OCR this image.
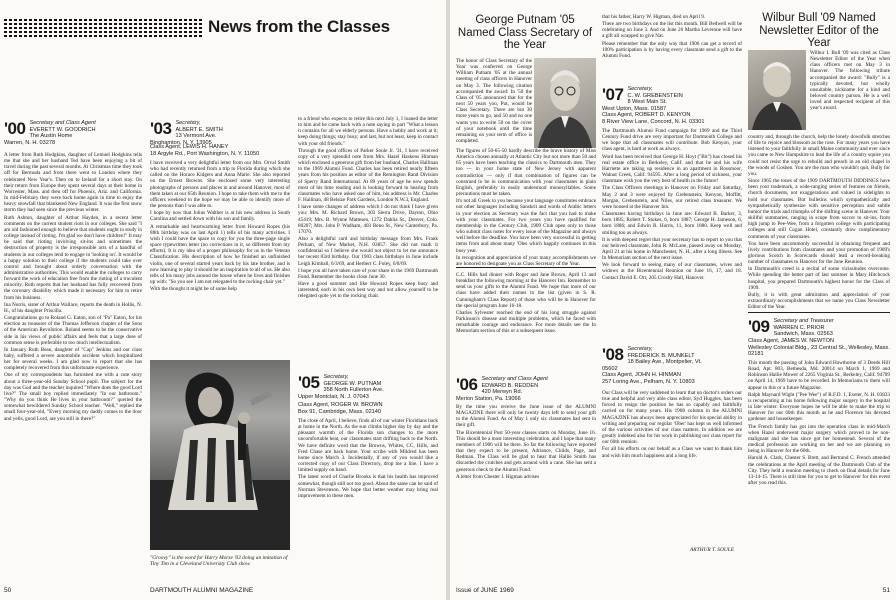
News from the Classes
'00 Secretary and Class Agent
EVERETT W. GOODRICH
The Austin Home
Warren, N. H. 03278

A letter from Ruth Hodgkins, daughter of Lemuel Hodgkins tells me that she and her husband Ted have been enjoying a bit of travel during the past several months. At Christmas time they took off for Bermuda and from there went to London where they celebrated New Year's. Then on to Ireland for a short stay. On their return from Europe they spent several days at their home in Worcester, Mass. and then off for Phoenix, Ariz. and California. In mid-February they were back home again in time to enjoy the heavy snowfall that blanketed New England. It was the first snow storm they had seen since the previous winter.

Ruth Ashton, daughter of Arthur Hayden, in a recent letter comments on the current student riots in our colleges. She said "I am old fashioned enough to believe that students ought to study in college instead of rioting. I'm glad we don't have children!" It may be said that rioting involving sit-ins and sometimes the destruction of property is the irresponsible acts of a handful of students in our colleges tend to engage in 'looking on'. It would be a happy solution to their college if the students could take over control and brought about orderly conversation with the administrative authorities. This would enable the colleges to carry forward the work of education free from the rioting of a truculent minority. Ruth reports that her husband has fully recovered from the coronary disability which made it necessary for him to retire from his business.

Ina Norris, sister of Arthur Wallace, reports the death in Hollis, N. H., of his daughter Priscilla.

Congratulations go to Roland G. Eaton, son of "Pa" Eaton, for his election as treasurer of the Thomas Jefferson chapter of the Sons of the American Revolution. Roland seems to be the conservative side in his views of public affairs and feels that a large dose of common sense is preferable to too much intellectualism.

In January Ruth Bean, daughter of "Cap" Jenkins and our class baby, suffered a severe automobile accident which hospitalized her for several weeks. I am glad now to report that she has completely recovered from this unfortunate experience.

One of my correspondents has furnished me with a cute story about a three-year-old Sunday School pupil. The subject for the day was God and the teacher inquired "Where does the good Lord live?" The small boy replied immediately "In our bathroom." "Why do you think He lives in your bathroom?" queried the somewhat bewildered Sunday School teacher. "Well," replied the small four-year-old, "Every morning my daddy comes to the door and yells, good Lord, are you still in there?"

'03 Secretary,
ALBERT E. SMITH
13 Vermont Ave.
Binghamton, N. Y. 13905
Class Agent, LEWIS H. HANEY
18 Argyle Rd., Port Washington, N. Y. 11050

I have received a very delightful letter from our Mrs. Orval Smith who had recently returned from a trip to Florida during which she called on the Horace Kidgers and Anna Marie. She also reported on the Ernest Browns. She enclosed some very interesting photographs of persons and places in and around Hanover, most of them taken at our 65th Reunion. I hope to take them with me to the officers weekend in the hope we may be able to identify more of the persons than I was able to.

I hope by now that Julius Walther is at his new address in South Carolina and settled down with his son and family.

A remarkable and heartwarming letter from Howard Ropes (his 88th birthday was on last April 1) tells of his many activities. I wish I could have the space to copy for you the three-page single space typewritten letter (no corrections in it, so different from my efforts). It is my idea of a proper philosophy for us in the Veteran Classification. His description of how he finished an unfinished violin, one of several started years back by his late brother, and is now learning to play it should be an inspiration to all of us. He also tells of his many jobs around the house where he lives and finishes up with: "So you see I am not relegated to the rocking chair yet."

With the thought it might be of some help

"Groovy" is the word for Harry Morse '03 doing an imitation of Tiny Tim in a Cleveland University Club show.

to a friend who expects to retire this next July 1, I loaned the letter to him and he came back with a note saying in part "What a lesson it contains for all we elderly persons. Have a hobby and work at it; keep doing things; stay busy; and last, but not least, keep in contact with your old friends."

Through the good offices of Parker Soule Jr. '31, I have received copy of a very splendid note from Mrs. Hazel Haskens Hinman which enclosed a generous gift from her husband, Charles Hallinan to the 1969 Alumni Fund. Charles has been retired nearly fifteen years from his position as editor of the Remington Rand Division of Sperry Rand International. At 89 years of age he now spends most of his time reading and is looking forward to hearing from classmates who have asked one of him, his address is Mr. Charles F. Hallinan, 48 Belsize Park Gardens, London N.W.3, England.

I have some changes of address which I do not think I have given you: Mrs. M. Richard Brown, 303 Sierra Drive, Dayton, Ohio 45419; Mrs. B. Wynne Mattesen, 1272 Dahlia St., Denver, Colo. 80207; Mrs. John P. Wadham, 403 Reno St., New Canterbury, Pa. 17070.

Also a delightful card and birthday message from Mrs. Frank Perham, of New Market, N.H. 03857. She did not mark it confidential so I believe she would not object to let me announce her recent 83rd birthday. Our 1903 class birthdays in June include Leigh Kimball, 6/3/69, and Herbert C. Foley, 6/8/69.

I hope you all have taken care of your share in the 1969 Dartmouth Fund. Remember the books close June 30.

Have a good summer and like Howard Ropes keep busy and interested, each in his own best way and not allow yourself to be relegated quite yet to the rocking chair.

'05 Secretary,
GEORGE W. PUTNAM
358 North Fullerton Ave.
Upper Montclair, N. J. 07043
Class Agent, ROGER W. BROWN
Box 91, Cambridge, Mass. 02140

The close of April, I believe, finds all of our winter Floridians back at home in the North. As the sun climbs higher day by day and the pleasant warmth of the Florida sun changes to the more uncomfortable heat, our classmates start drifting back to the North. We have definite word that the Browns, Whites, CC, Hills, and Fred Chase are back home. Your scribe with Mildred has been home since March 3. Incidentally, if any of you would like a corrected copy of our Class Directory, drop me a line. I have a limited supply on hand.

The latest word of Charlie Brooks is that his health has improved somewhat, though still not too good. About the same can be said of Norman Stevenson. We hope that better weather may bring real improvement to these men.

50	DARTMOUTH ALUMNI MAGAZINE
George Putnam '05 Named Class Secretary of the Year

The honor of Class Secretary of the Year was conferred on George William Putnam '05 at the annual meeting of class officers in Hanover on May 3. The following citation accompanied the award: In '50 the Class of '05 announced that for the next 50 years you, Put, would be Class Secretary. There are but 30 more years to go, and 50 and no one wants you to write 50 on the cover of your notebook until the time remaining on your term of office is completed.

The figures of 50-65-50 hardly describe the brave history of Miss America chosen annually at Atlantic City but not more than 50 and 65 years have been teaching the classics to Dartmouth men. They too — in your home state of New Jersey with apparent contradiction — only if that combination of figures can be construed to be in communication with your classmates in plain English, preferably in easily understood monosyllables. Some precautions must be taken.

It's not all Greek to you because your language constitutes embrace not other languages including Sanskrit and words of Arabic letters in your election as Secretary was the fact that you had to make with your classmates. For two years you have qualified for membership in the Century Club, 1909 Club open only to those who submit class notes for every issue of the Magazine and always well before the deadline. You have been very successful in getting items from and about many 'Oles which happily continues in this busy year.

In recognition and appreciation of your many accomplishments we are honored to designate you as Class Secretary of the Year.

C.C. Hills had dinner with Roger and Jane Brown, April 13 and breakfast the following morning at the Hanover Inn. Remember to send us your gifts to the Alumni Fund. We hope that more of our class have added their names to the list (given in S. R. Cunningham's Class Report) of those who will be in Hanover for the special program June 16-18.

Charles Sylvester reached the end of his long struggle against Parkinson's disease and multiple problems, which he faced with remarkable courage and endurance. For more details see the In Memoriam section of this or a subsequent issue.

'06 Secretary and Class Agent
EDWARD B. REDDEN
420 Merwyn Rd.
Merion Station, Pa. 19066

By the time you receive the June issue of the ALUMNI MAGAZINE there will only be twenty days left to send your gift to the Alumni Fund. As of May 1 only six classmates had sent in their gift.

The Bicentennial Post 50-year classes starts on Monday, June 16. This should be a most interesting celebration, and I hope that many members of 1906 will be there. So far the following have reported that they expect to be present, Adriance, Childs, Page, and Redman. The Class will be glad to hear that Hallie Smith has discarded the crutches and gets around with a cane. She has sent a generous check to the Alumni Fund.

A letter from Chester J. Higman advises

that his father, Harry W. Higman, died on April 9.

There are two birthdays on the list this month. Bill Bedwell will be celebrating on June 3. And on June 26 Martha Leverone will have a gift all wrapped to give Nat.

Please remember that the only way that 1906 can get a record of 100% participation is by having every classmate send a gift to the Alumni Fund.

'07 Secretary,
C. W. GREBENSTEIN
8 West Main St.
West Upton, Mass. 01587
Class Agent, ROBERT D. KENYON
8 River View Lane, Concord, N. H. 03301

The Dartmouth Alumni Fund campaign for 1969 and the Third Century Fund drive are very important for Dartmouth College and we hope that all classmates will contribute. Bob Kenyon, your class agent, is hard at work as always.

Word has been received that George H. Hoyt ("Bit") has closed his real estate office in Berkeley, Calif. and that he and his wife Harriette are taking up residence in an apartment in Rossmoor, Walnut Creek, Calif. 94595. After a long period of sickness, your classmate wish you the very best of health in the future!

The Class Officers meetings in Hanover on Friday and Saturday, May 2 and 3 were enjoyed by Grebenstein; Kenyon, Moffitt, Morgan, Grebenstein, and Niles, our retired class treasurer. We were housed at the Hanover Inn.

Classmates having birthdays in June are: Edward B. Barker, 3, born 1885; Robert T. Stokes, 6, born 1887; George H. Jameson, 6, born 1886; and Edwin R. Harris, 11, born 1880. Keep well and smiling too as always.

It is with deepest regret that your secretary has to report to you that our beloved classmate, John R. McLane, passed away on Monday, April 21 at his home in Manchester, N. H., after a long illness. See In Memoriam section of the next issue.

We look forward to seeing many of our classmates, wives and widows at the Bicentennial Reunion on June 16, 17, and 18. Contact David E. Orr, 205 Crosby Hall, Hanover.

'08 Secretary,
FREDERICK B. MUNKELT
18 Bailey Ave., Montpelier, Vt.
05602
Class Agent, JOHN H. HINMAN
257 Loring Ave., Pelham, N. Y. 10803

Our Class will be very saddened to learn that on doctor's orders our true and helpful and very able class editor, Syd Huggles, has been forced to resign the position he has so capably and faithfully carried on for many years. His 1908 column in the ALUMNI MAGAZINE has always been appreciated for his special ability in writing and preparing our regular 'Ober' has kept us well informed of the various activities of our class matters. In addition we are greatly indebted also for his work in publishing our class report for our 60th reunion.

For all his efforts on our behalf as a Class we want to thank him and wish him much happiness and a long life.

ARTHUR T. SOULE
Wilbur Bull '09 Named Newsletter Editor of the Year

Wilbur I. Bull '09 was cited as Class Newsletter Editor of the Year when class officers met on May 3 in Hanover. The following tribute accompanied the award: "Bully" is a typically devoted, but wholly unsuitable, nickname for a kind and beloved country parson. He is a well loved and respected recipient of this year's award.

country and, through the church, help the lonely downfolk stretches of life to rejoice and blossom as the rose. For many years you have listened to your faithfully in small Maine community and ever since you came to New Hampshire to lead the life of a country squire you could not resist the urge to rebuild and preach in an old chapel in the woods of Goshen. You are the man who wouldn't quit, Bully for you.

Since 1965 the tones of the 1909 DARTMOUTH DIDDINGS have been your trademark, a wide-ranging series of features on friends, church documents, not exaggerations and valued in sidelights to hold our classmates. But bulletins which sympathetically and sympathetically synthesize with sensitive perception and subtle humor the trials and triumphs of the shifting scene in Hanover. Your skillful summaries, ranging in scope from soccer to sit-ins, from high jump to Pee-Wee, from a forgotten college with participating colleges and still Cogan Hotel, constantly draw complimentary comments of your classmates.

You have been uncommonly successful in obtaining frequent and lively contributions from classmates and your promotion of 1909's glorious Scotch in Scorecards should lead a record-breaking number of classmates to Hanover for the June Reunion.

In Dartmouth's creed is a recital of some vicissitudes overcome. While spending the better part of last summer in Mary Hitchcock hospital, you prepared Dartmouth's highest honor for the Class of 1909.

Bully, it is with great admiration and appreciation of your extraordinary accomplishments that we name you Class Newsletter Editor of the Year.

'09 Secretary and Treasurer
WARREN C. PRIOR
Sandwich, Mass. 02563
Class Agent, JAMES W. NEWTON
Wellesley Colonial Bldg., 23 Central St., Wellesley, Mass. 02181

This month the passing of John Edward Hawthorne of 3 Deeds Hill Road, Apt. 803, Bethesda, Md. 20014 on March 1, 1969 and Robinson Hallie Mower of 2265 Virginia St., Berkeley, Calif. 94709 on April 14, 1969 have to be recorded. In Memoriams to them will appear in this or a future Magazine.

Ralph Maynard Wight ("Pee Wee") of R.F.D. 1, Exeter, N. H. 03833 is recuperating at his home following major surgery in the hospital in late winter. Everyone hopes he will be able to make the trip to Hanover for our 60th this month as he and Florence his devoted gardener and housekeeper.

The French family has got into the operation class in mid-March when Hazel underwent major surgery which proved to be non-malignant and she has since got her homestead. Several of the medical profession are working on her and we are planning on being in Hanover for the 60th.

Harold A. Clark, Chester S. Brett, and Bertrand C. French attended the celebrations at the April meeting of the Dartmouth Club of the City. They held a reunion meeting to check on final details for June 13-14-15. There is still time for you to get to Hanover for this event after you read this.

Issue of JUNE 1969	51
